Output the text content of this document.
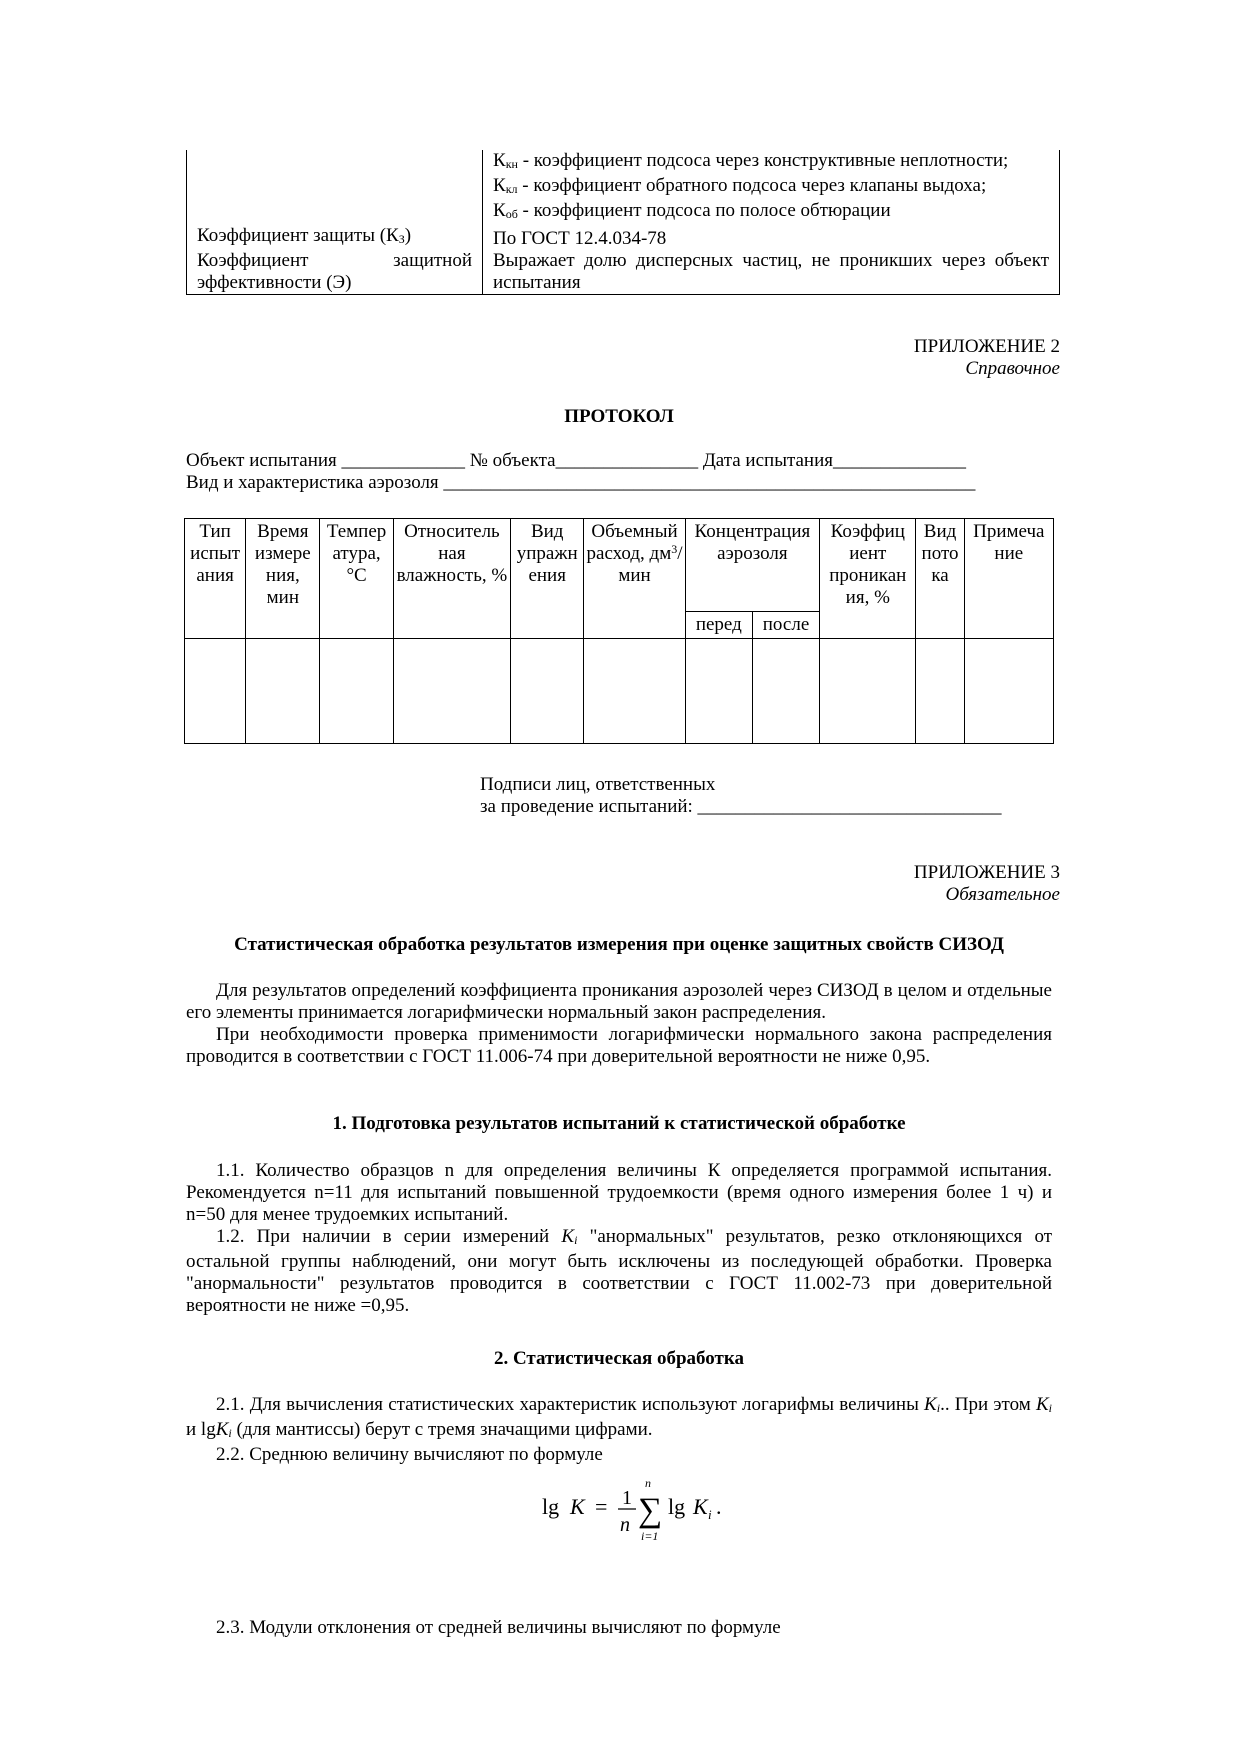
	$К_{кн}$ - коэффициент подсоса через конструктивные неплотности;
	$К_{кл}$ - коэффициент обратного подсоса через клапаны выдоха;
	$К_{об}$ - коэффициент подсоса по полосе обтюрации
Коэффициент защиты $(К_З)$	По ГОСТ 12.4.034-78

Коэффициент защитной
эффективности (Э)	Выражает долю дисперсных частиц, не проникших через объект испытания
ПРИЛОЖЕНИЕ 2
Справочное
ПРОТОКОЛ
Объект испытания _____________ № объекта_______________ Дата испытания______________
Вид и характеристика аэрозоля ________________________________________________________
Тип испыт ания	Время измере ния, мин	Темпер атура, °С	Относитель ная влажность, %	Вид упражн ения	Объемный расход, $дм^3$/мин	Концентрация аэрозоля		Коэффиц иент проникан ия, %	Вид пото ка	Примеча ние
						перед	после			

Подписи лиц, ответственных
за проведение испытаний: ________________________________
ПРИЛОЖЕНИЕ 3
Обязательное
Статистическая обработка результатов измерения при оценке защитных свойств СИЗОД

Для результатов определений коэффициента проникания аэрозолей через СИЗОД в целом и отдельные его элементы принимается логарифмически нормальный закон распределения.

При необходимости проверка применимости логарифмически нормального закона распределения проводится в соответствии с ГОСТ 11.006-74 при доверительной вероятности не ниже 0,95.

1. Подготовка результатов испытаний к статистической обработке

1.1. Количество образцов n для определения величины К определяется программой испытания. Рекомендуется n=11 для испытаний повышенной трудоемкости (время одного измерения более 1 ч) и n=50 для менее трудоемких испытаний.

1.2. При наличии в серии измерений $K_i$ "анормальных" результатов, резко отклоняющихся от остальной группы наблюдений, они могут быть исключены из последующей обработки. Проверка "анормальности" результатов проводится в соответствии с ГОСТ 11.002-73 при доверительной вероятности не ниже =0,95.

2. Статистическая обработка

2.1. Для вычисления статистических характеристик используют логарифмы величины $K_i$.. При этом $K_i$ и lgK$_i$ (для мантиссы) берут с тремя значащими цифрами.

2.2. Среднюю величину вычисляют по формуле

lg K = 1
n
n
∑
i=1
lg K i .

2.3. Модули отклонения от средней величины вычисляют по формуле
